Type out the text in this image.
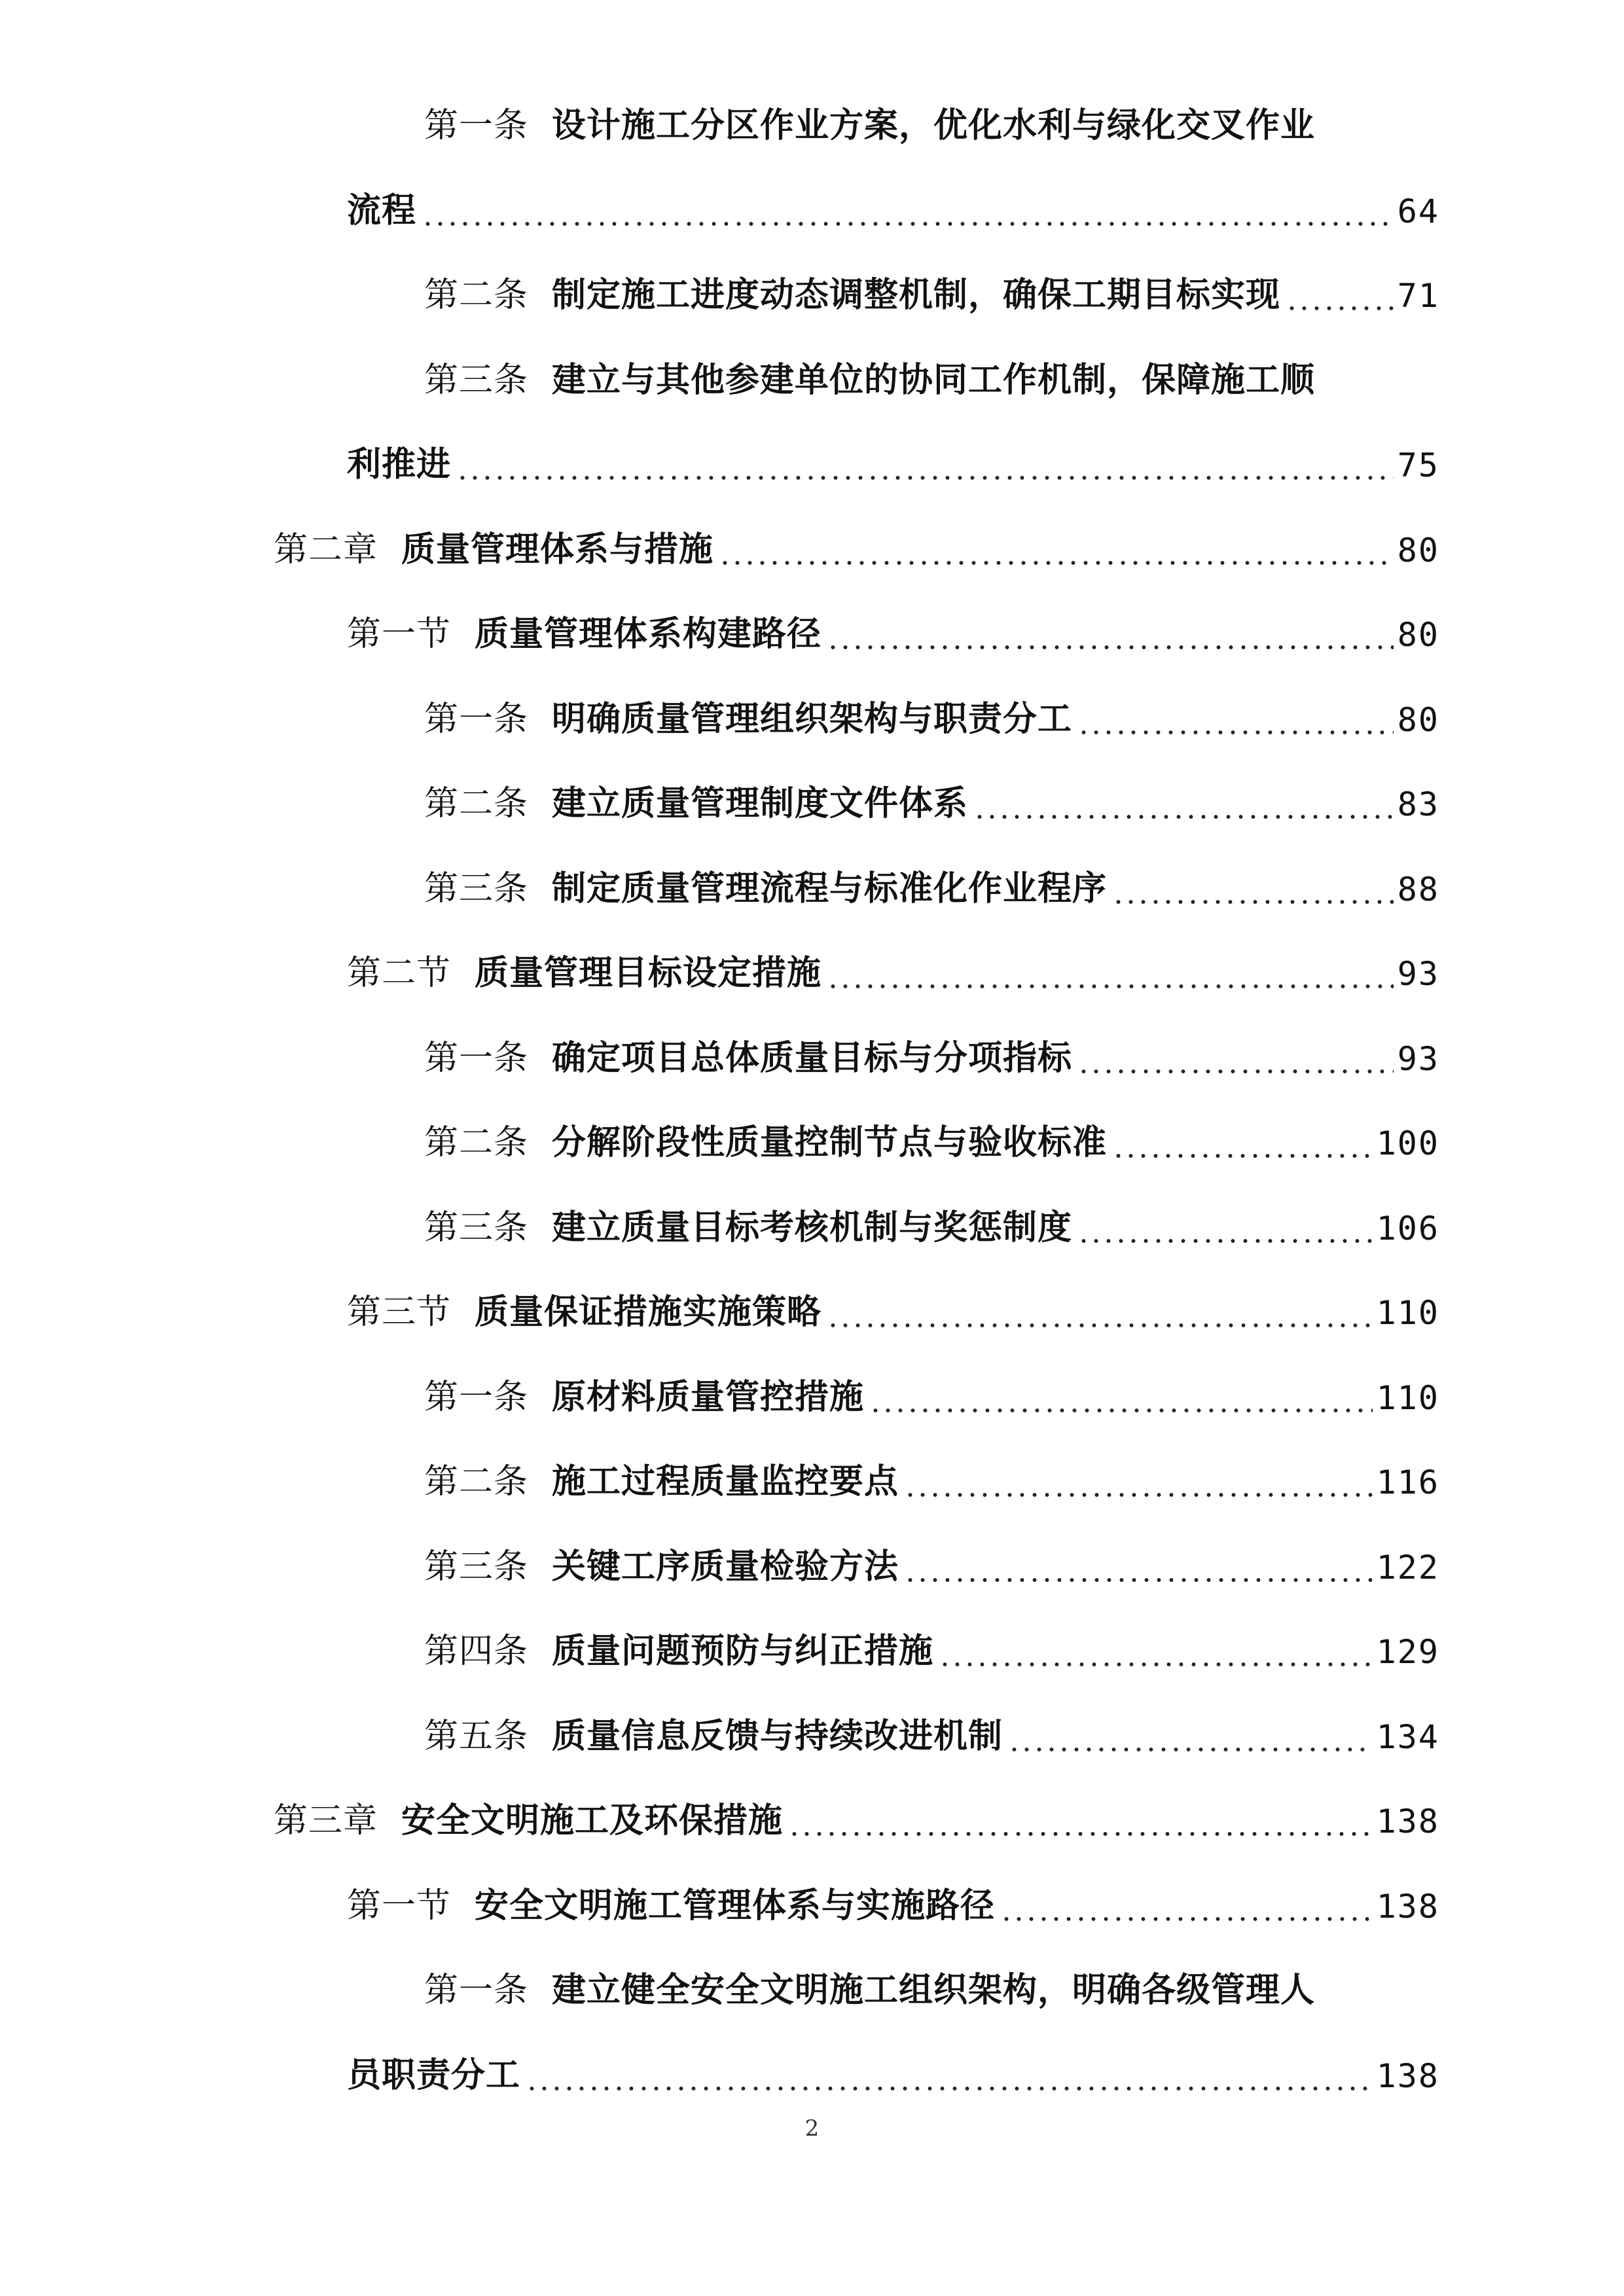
第一条 设计施工分区作业方案，优化水利与绿化交叉作业
流程	64
第二条 制定施工进度动态调整机制，确保工期目标实现	71
第三条 建立与其他参建单位的协同工作机制，保障施工顺
利推进	75
第二章 质量管理体系与措施	80
第一节 质量管理体系构建路径	80
第一条 明确质量管理组织架构与职责分工	80
第二条 建立质量管理制度文件体系	83
第三条 制定质量管理流程与标准化作业程序	88
第二节 质量管理目标设定措施	93
第一条 确定项目总体质量目标与分项指标	93
第二条 分解阶段性质量控制节点与验收标准	100
第三条 建立质量目标考核机制与奖惩制度	106
第三节 质量保证措施实施策略	110
第一条 原材料质量管控措施	110
第二条 施工过程质量监控要点	116
第三条 关键工序质量检验方法	122
第四条 质量问题预防与纠正措施	129
第五条 质量信息反馈与持续改进机制	134
第三章 安全文明施工及环保措施	138
第一节 安全文明施工管理体系与实施路径	138
第一条 建立健全安全文明施工组织架构，明确各级管理人
员职责分工	138
2
